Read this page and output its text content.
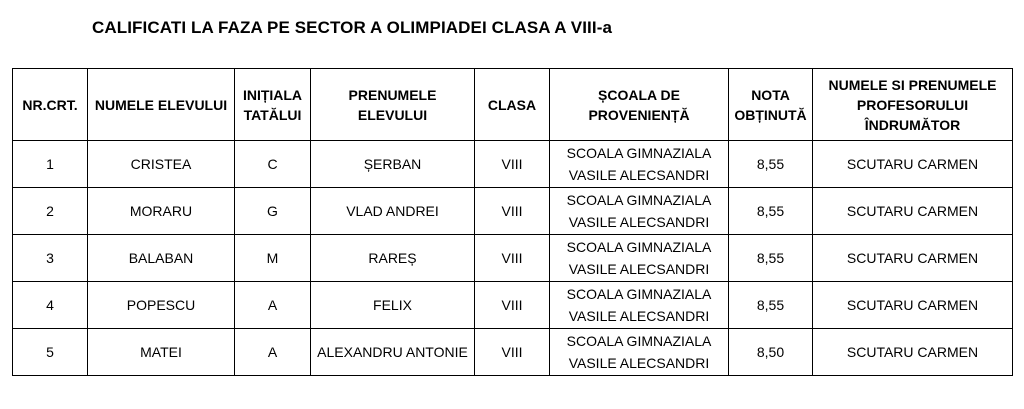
CALIFICATI LA FAZA PE SECTOR A OLIMPIADEI CLASA A VIII-a
NR.CRT.	NUMELE ELEVULUI	INIȚIALA TATĂLUI	PRENUMELE ELEVULUI	CLASA	ȘCOALA DE PROVENIENȚĂ	NOTA OBȚINUTĂ	NUMELE SI PRENUMELE PROFESORULUI ÎNDRUMĂTOR
1	CRISTEA	C	ȘERBAN	VIII	SCOALA GIMNAZIALA VASILE ALECSANDRI	8,55	SCUTARU CARMEN
2	MORARU	G	VLAD ANDREI	VIII	SCOALA GIMNAZIALA VASILE ALECSANDRI	8,55	SCUTARU CARMEN
3	BALABAN	M	RAREȘ	VIII	SCOALA GIMNAZIALA VASILE ALECSANDRI	8,55	SCUTARU CARMEN
4	POPESCU	A	FELIX	VIII	SCOALA GIMNAZIALA VASILE ALECSANDRI	8,55	SCUTARU CARMEN
5	MATEI	A	ALEXANDRU ANTONIE	VIII	SCOALA GIMNAZIALA VASILE ALECSANDRI	8,50	SCUTARU CARMEN
